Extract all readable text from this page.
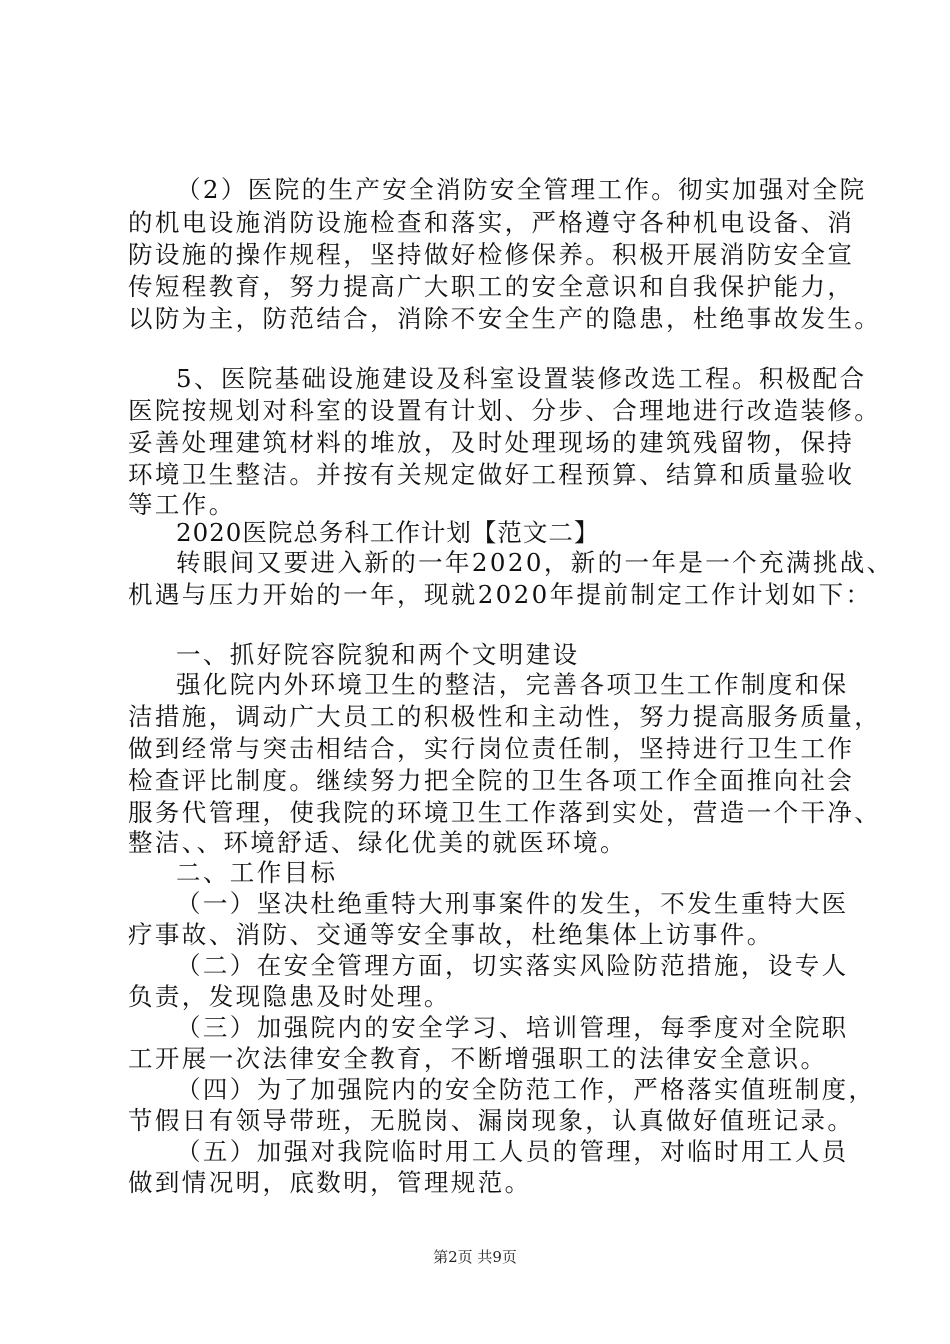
（2）医院的生产安全消防安全管理工作。彻实加强对全院
的机电设施消防设施检查和落实，严格遵守各种机电设备、消
防设施的操作规程，坚持做好检修保养。积极开展消防安全宣
传短程教育，努力提高广大职工的安全意识和自我保护能力，
以防为主，防范结合，消除不安全生产的隐患，杜绝事故发生。
5、医院基础设施建设及科室设置装修改选工程。积极配合
医院按规划对科室的设置有计划、分步、合理地进行改造装修。
妥善处理建筑材料的堆放，及时处理现场的建筑残留物，保持
环境卫生整洁。并按有关规定做好工程预算、结算和质量验收
等工作。
2020医院总务科工作计划【范文二】
转眼间又要进入新的一年2020，新的一年是一个充满挑战、
机遇与压力开始的一年，现就2020年提前制定工作计划如下：
一、抓好院容院貌和两个文明建设
强化院内外环境卫生的整洁，完善各项卫生工作制度和保
洁措施，调动广大员工的积极性和主动性，努力提高服务质量，
做到经常与突击相结合，实行岗位责任制，坚持进行卫生工作
检查评比制度。继续努力把全院的卫生各项工作全面推向社会
服务代管理，使我院的环境卫生工作落到实处，营造一个干净、
整洁、、环境舒适、绿化优美的就医环境。
二、工作目标
（一）坚决杜绝重特大刑事案件的发生，不发生重特大医
疗事故、消防、交通等安全事故，杜绝集体上访事件。
（二）在安全管理方面，切实落实风险防范措施，设专人
负责，发现隐患及时处理。
（三）加强院内的安全学习、培训管理，每季度对全院职
工开展一次法律安全教育，不断增强职工的法律安全意识。
（四）为了加强院内的安全防范工作，严格落实值班制度，
节假日有领导带班，无脱岗、漏岗现象，认真做好值班记录。
（五）加强对我院临时用工人员的管理，对临时用工人员
做到情况明，底数明，管理规范。
第2页 共9页
